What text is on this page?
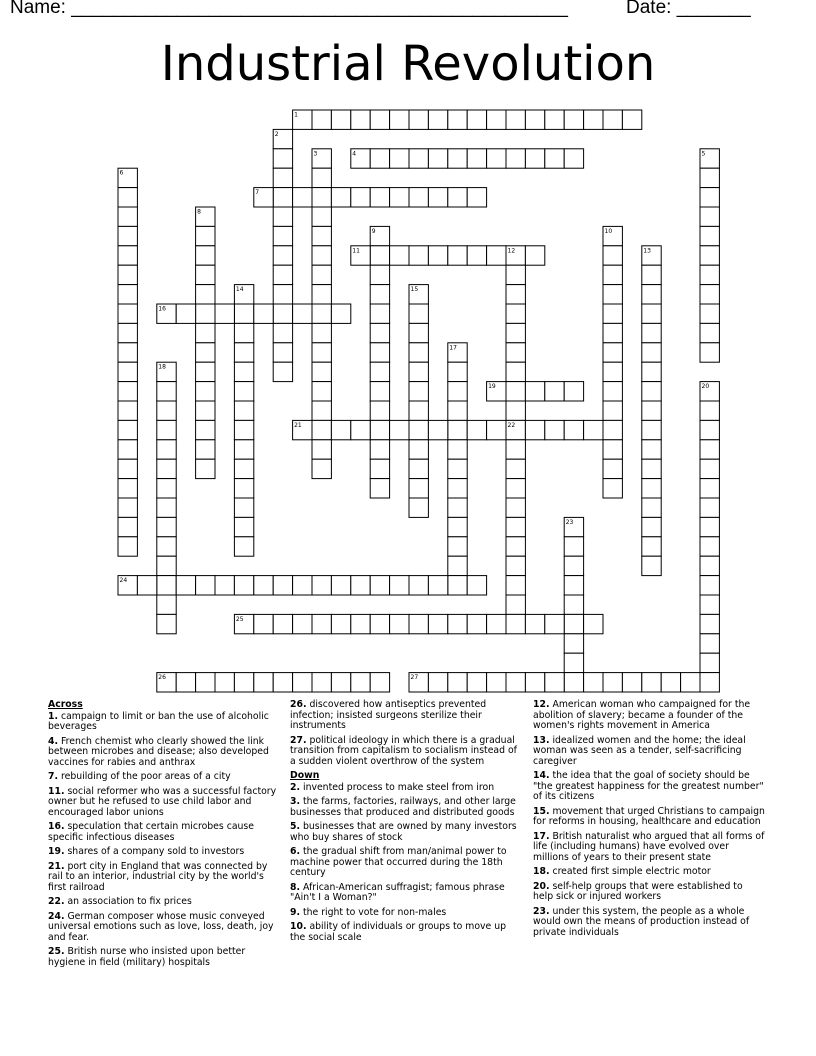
Name: _______________________________________________	Date: _______
Industrial Revolution
1
2
3	4	5
6
7
8
9	10
11	12	13
14	15
16
17
18
19	20
21	22
23
24
25
26	27
Across
1. campaign to limit or ban the use of alcoholic beverages
4. French chemist who clearly showed the link between microbes and disease; also developed vaccines for rabies and anthrax
7. rebuilding of the poor areas of a city
11. social reformer who was a successful factory owner but he refused to use child labor and encouraged labor unions
16. speculation that certain microbes cause specific infectious diseases
19. shares of a company sold to investors
21. port city in England that was connected by rail to an interior, industrial city by the world's first railroad
22. an association to fix prices
24. German composer whose music conveyed universal emotions such as love, loss, death, joy and fear.
25. British nurse who insisted upon better hygiene in field (military) hospitals
26. discovered how antiseptics prevented infection; insisted surgeons sterilize their instruments
27. political ideology in which there is a gradual transition from capitalism to socialism instead of a sudden violent overthrow of the system
Down
2. invented process to make steel from iron
3. the farms, factories, railways, and other large businesses that produced and distributed goods
5. businesses that are owned by many investors who buy shares of stock
6. the gradual shift from man/animal power to machine power that occurred during the 18th century
8. African-American suffragist; famous phrase "Ain't I a Woman?"
9. the right to vote for non-males
10. ability of individuals or groups to move up the social scale
12. American woman who campaigned for the abolition of slavery; became a founder of the women's rights movement in America
13. idealized women and the home; the ideal woman was seen as a tender, self-sacrificing caregiver
14. the idea that the goal of society should be "the greatest happiness for the greatest number" of its citizens
15. movement that urged Christians to campaign for reforms in housing, healthcare and education
17. British naturalist who argued that all forms of life (including humans) have evolved over millions of years to their present state
18. created first simple electric motor
20. self-help groups that were established to help sick or injured workers
23. under this system, the people as a whole would own the means of production instead of private individuals
